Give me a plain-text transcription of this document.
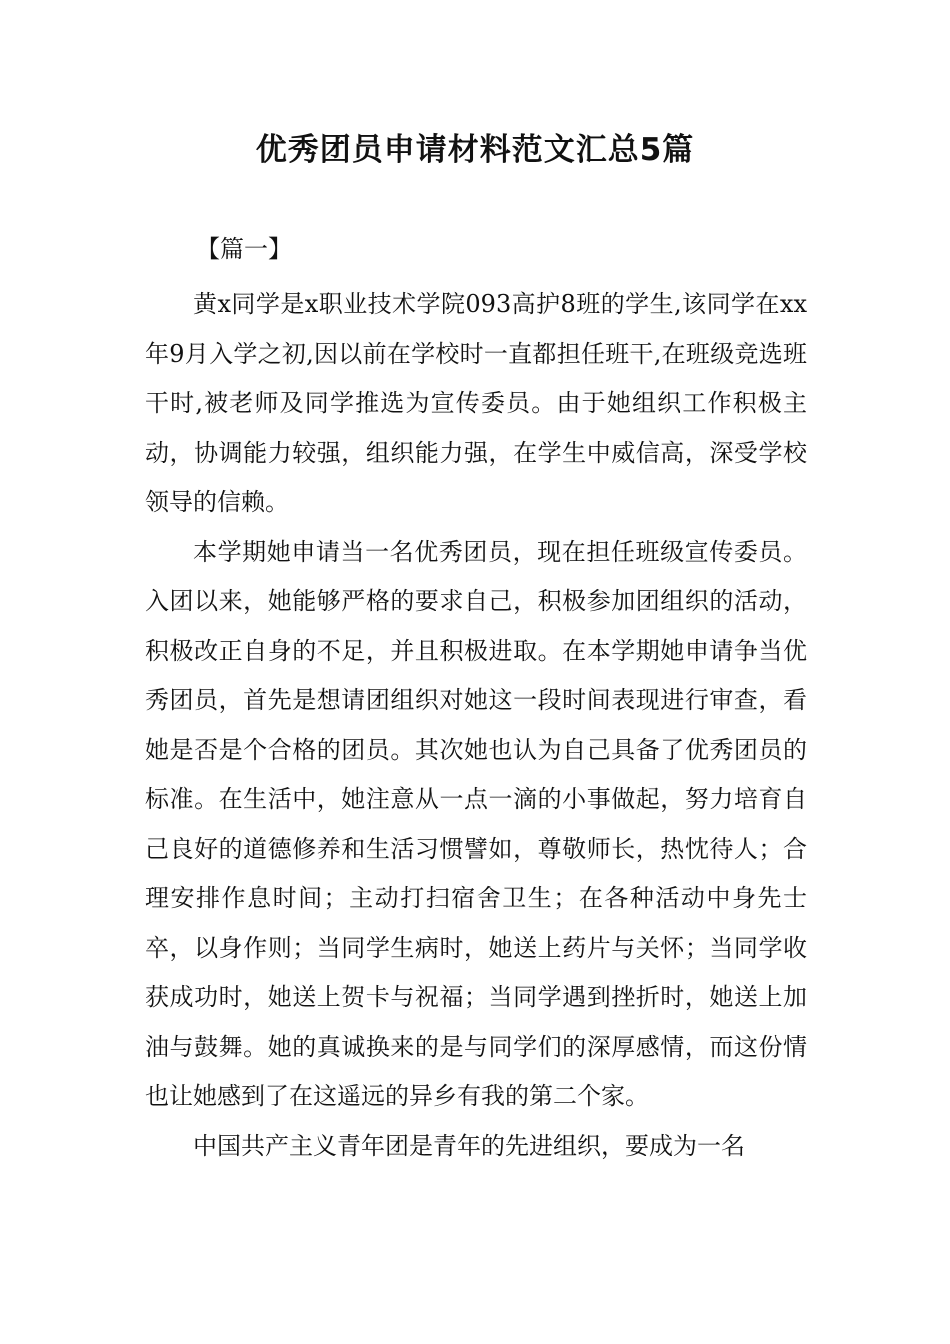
优秀团员申请材料范文汇总5篇

【篇一】

黄x同学是x职业技术学院093高护8班的学生,该同学在xx年9月入学之初,因以前在学校时一直都担任班干,在班级竞选班干时,被老师及同学推选为宣传委员。由于她组织工作积极主动，协调能力较强，组织能力强，在学生中威信高，深受学校领导的信赖。

本学期她申请当一名优秀团员，现在担任班级宣传委员。入团以来，她能够严格的要求自己，积极参加团组织的活动，积极改正自身的不足，并且积极进取。在本学期她申请争当优秀团员，首先是想请团组织对她这一段时间表现进行审查，看她是否是个合格的团员。其次她也认为自己具备了优秀团员的标准。在生活中，她注意从一点一滴的小事做起，努力培育自己良好的道德修养和生活习惯譬如，尊敬师长，热忱待人；合理安排作息时间；主动打扫宿舍卫生；在各种活动中身先士卒，以身作则；当同学生病时，她送上药片与关怀；当同学收获成功时，她送上贺卡与祝福；当同学遇到挫折时，她送上加油与鼓舞。她的真诚换来的是与同学们的深厚感情，而这份情也让她感到了在这遥远的异乡有我的第二个家。

中国共产主义青年团是青年的先进组织，要成为一名
